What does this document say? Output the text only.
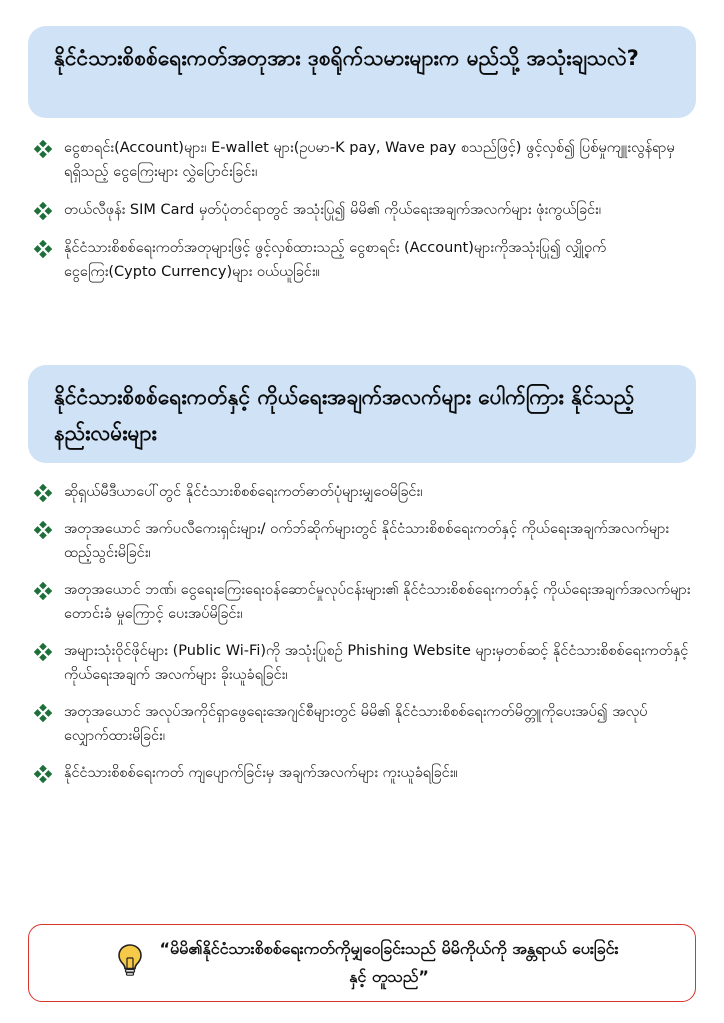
နိုင်ငံသားစိစစ်ရေးကတ်အတုအား ဒုစရိုက်သမားများက မည်သို့ အသုံးချသလဲ?
ငွေစာရင်း(Account)များ၊ E-wallet များ(ဥပမာ-K pay, Wave pay စသည်ဖြင့်) ဖွင့်လှစ်၍ ပြစ်မှုကျူးလွန်ရာမှ ရရှိသည့် ငွေကြေးများ လွှဲပြောင်းခြင်း၊
တယ်လီဖုန်း SIM Card မှတ်ပုံတင်ရာတွင် အသုံးပြု၍ မိမိ၏ ကိုယ်ရေးအချက်အလက်များ ဖုံးကွယ်ခြင်း၊
နိုင်ငံသားစိစစ်ရေးကတ်အတုများဖြင့် ဖွင့်လှစ်ထားသည့် ငွေစာရင်း (Account)များကိုအသုံးပြု၍ လျှို့ဝှက်ငွေကြေး(Cypto Currency)များ ဝယ်ယူခြင်း။
နိုင်ငံသားစိစစ်ရေးကတ်နှင့် ကိုယ်ရေးအချက်အလက်များ ပေါက်ကြား နိုင်သည့် နည်းလမ်းများ
ဆိုရှယ်မီဒီယာပေါ်တွင် နိုင်ငံသားစိစစ်ရေးကတ်ဓာတ်ပုံများမျှဝေမိခြင်း၊
အတုအယောင် အက်ပလီကေးရှင်းများ/ ဝက်ဘ်ဆိုက်များတွင် နိုင်ငံသားစိစစ်ရေးကတ်နှင့် ကိုယ်ရေးအချက်အလက်များ ထည့်သွင်းမိခြင်း၊
အတုအယောင် ဘဏ်၊ ငွေရေးကြေးရေးဝန်ဆောင်မှုလုပ်ငန်းများ၏ နိုင်ငံသားစိစစ်ရေးကတ်နှင့် ကိုယ်ရေးအချက်အလက်များ တောင်းခံ မှုကြောင့် ပေးအပ်မိခြင်း၊
အများသုံးဝိုင်ဖိုင်များ (Public Wi-Fi)ကို အသုံးပြုစဉ် Phishing Website များမှတစ်ဆင့် နိုင်ငံသားစိစစ်ရေးကတ်နှင့် ကိုယ်ရေးအချက် အလက်များ ခိုးယူခံရခြင်း၊
အတုအယောင် အလုပ်အကိုင်ရှာဖွေရေးအေဂျင်စီများတွင် မိမိ၏ နိုင်ငံသားစိစစ်ရေးကတ်မိတ္တူကိုပေးအပ်၍ အလုပ်လျှောက်ထားမိခြင်း၊
နိုင်ငံသားစိစစ်ရေးကတ် ကျပျောက်ခြင်းမှ အချက်အလက်များ ကူးယူခံရခြင်း။
“မိမိ၏နိုင်ငံသားစိစစ်ရေးကတ်ကိုမျှဝေခြင်းသည် မိမိကိုယ်ကို အန္တရာယ် ပေးခြင်းနှင့် တူသည်”
